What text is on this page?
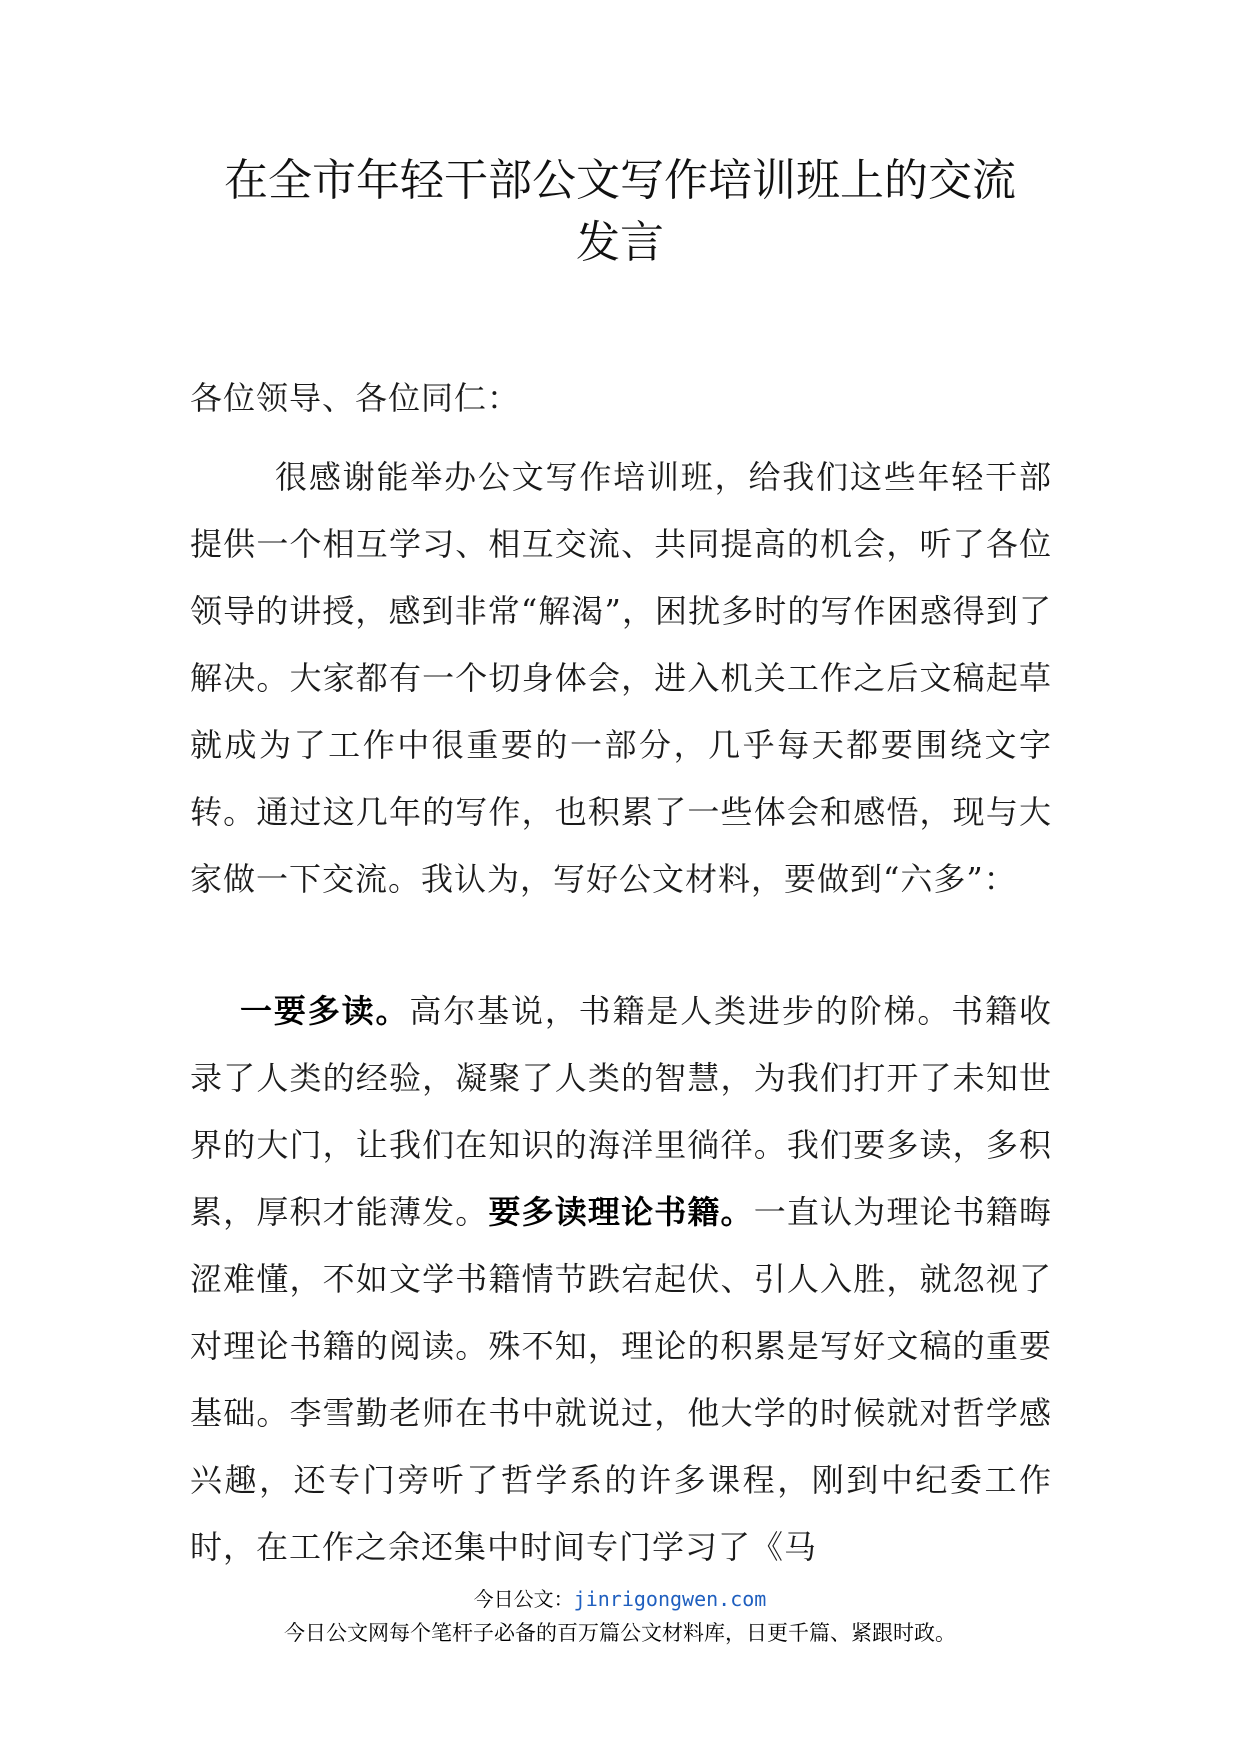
在全市年轻干部公文写作培训班上的交流
发言

各位领导、各位同仁：

很感谢能举办公文写作培训班，给我们这些年轻干部提供一个相互学习、相互交流、共同提高的机会，听了各位领导的讲授，感到非常“解渴”，困扰多时的写作困惑得到了解决。大家都有一个切身体会，进入机关工作之后文稿起草就成为了工作中很重要的一部分，几乎每天都要围绕文字转。通过这几年的写作，也积累了一些体会和感悟，现与大家做一下交流。我认为，写好公文材料，要做到“六多”：

一要多读。高尔基说，书籍是人类进步的阶梯。书籍收录了人类的经验，凝聚了人类的智慧，为我们打开了未知世界的大门，让我们在知识的海洋里徜徉。我们要多读，多积累，厚积才能薄发。要多读理论书籍。一直认为理论书籍晦涩难懂，不如文学书籍情节跌宕起伏、引人入胜，就忽视了对理论书籍的阅读。殊不知，理论的积累是写好文稿的重要基础。李雪勤老师在书中就说过，他大学的时候就对哲学感兴趣，还专门旁听了哲学系的许多课程，刚到中纪委工作时，在工作之余还集中时间专门学习了《马

今日公文：jinrigongwen.com
今日公文网每个笔杆子必备的百万篇公文材料库，日更千篇、紧跟时政。
